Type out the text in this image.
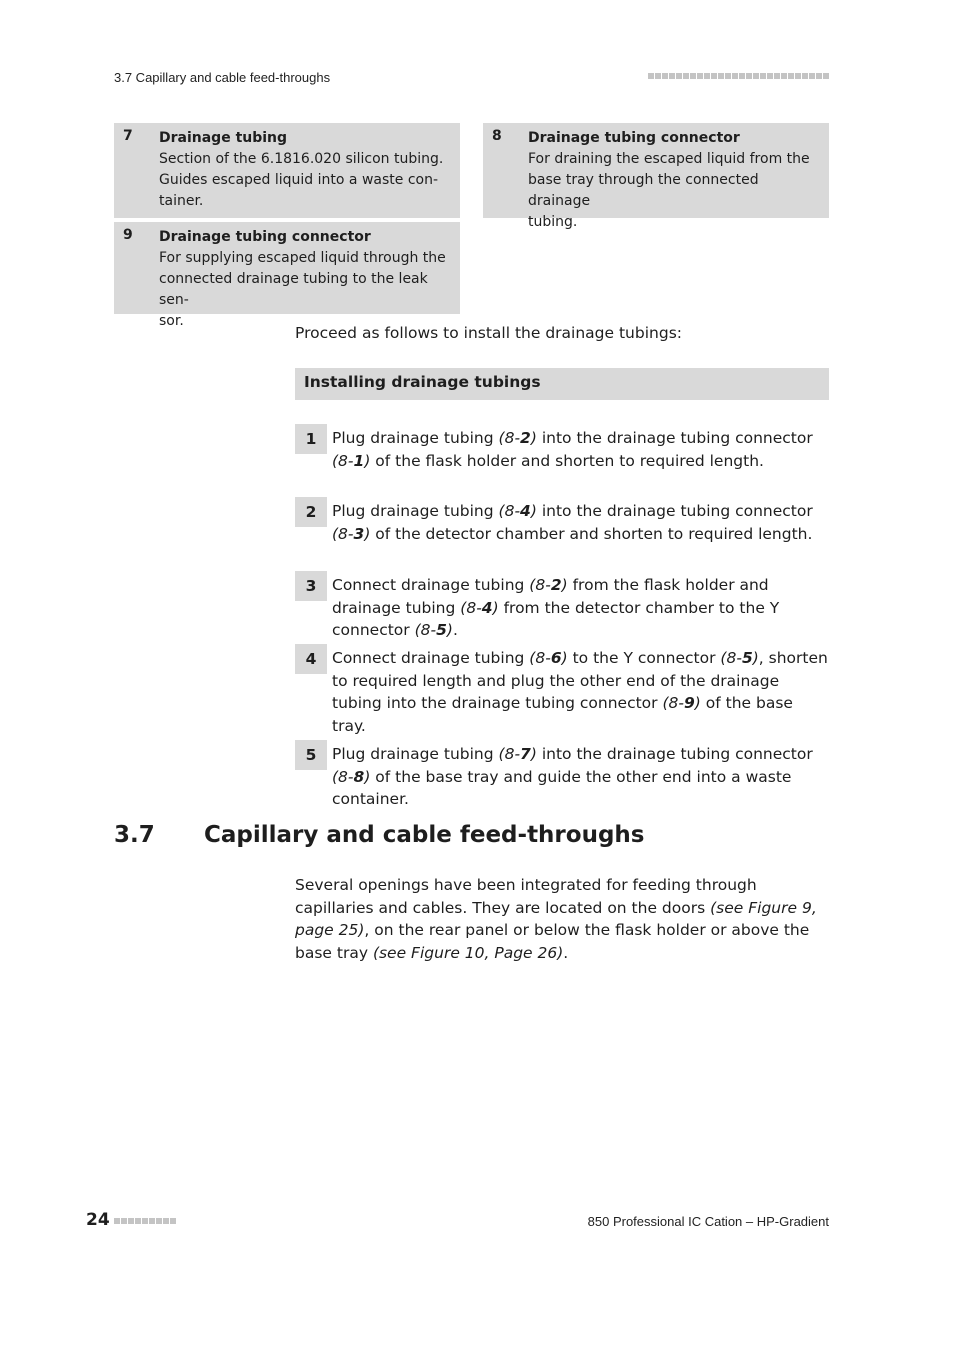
3.7 Capillary and cable feed-throughs
7 Drainage tubing
Section of the 6.1816.020 silicon tubing.
Guides escaped liquid into a waste con-
tainer.
8 Drainage tubing connector
For draining the escaped liquid from the
base tray through the connected drainage
tubing.
9 Drainage tubing connector
For supplying escaped liquid through the
connected drainage tubing to the leak sen-
sor.
Proceed as follows to install the drainage tubings:
Installing drainage tubings
1	Plug drainage tubing (8-2) into the drainage tubing connector (8-1) of the flask holder and shorten to required length.
2	Plug drainage tubing (8-4) into the drainage tubing connector (8-3) of the detector chamber and shorten to required length.
3	Connect drainage tubing (8-2) from the flask holder and drainage tubing (8-4) from the detector chamber to the Y connector (8-5).
4	Connect drainage tubing (8-6) to the Y connector (8-5), shorten to required length and plug the other end of the drainage tubing into the drainage tubing connector (8-9) of the base tray.
5	Plug drainage tubing (8-7) into the drainage tubing connector (8-8) of the base tray and guide the other end into a waste container.
3.7 Capillary and cable feed-throughs
Several openings have been integrated for feeding through capillaries and cables. They are located on the doors (see Figure 9, page 25), on the rear panel or below the flask holder or above the base tray (see Figure 10, Page 26).
24	850 Professional IC Cation – HP-Gradient
